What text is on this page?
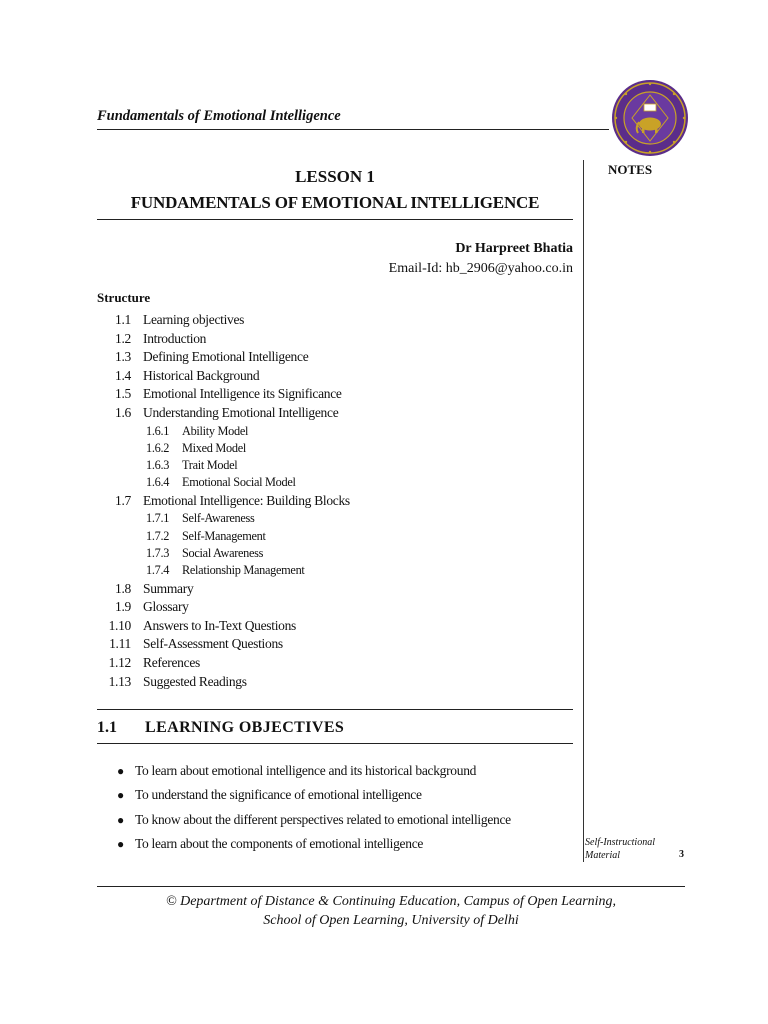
Fundamentals of Emotional Intelligence
NOTES
LESSON 1
FUNDAMENTALS OF EMOTIONAL INTELLIGENCE
Dr Harpreet Bhatia
Email-Id: hb_2906@yahoo.co.in
Structure
1.1 Learning objectives
1.2 Introduction
1.3 Defining Emotional Intelligence
1.4 Historical Background
1.5 Emotional Intelligence its Significance
1.6 Understanding Emotional Intelligence
1.6.1 Ability Model
1.6.2 Mixed Model
1.6.3 Trait Model
1.6.4 Emotional Social Model
1.7 Emotional Intelligence: Building Blocks
1.7.1 Self-Awareness
1.7.2 Self-Management
1.7.3 Social Awareness
1.7.4 Relationship Management
1.8 Summary
1.9 Glossary
1.10 Answers to In-Text Questions
1.11 Self-Assessment Questions
1.12 References
1.13 Suggested Readings
1.1 LEARNING OBJECTIVES
● To learn about emotional intelligence and its historical background
● To understand the significance of emotional intelligence
● To know about the different perspectives related to emotional intelligence
● To learn about the components of emotional intelligence	Self-Instructional
Material	3
© Department of Distance & Continuing Education, Campus of Open Learning,
School of Open Learning, University of Delhi
